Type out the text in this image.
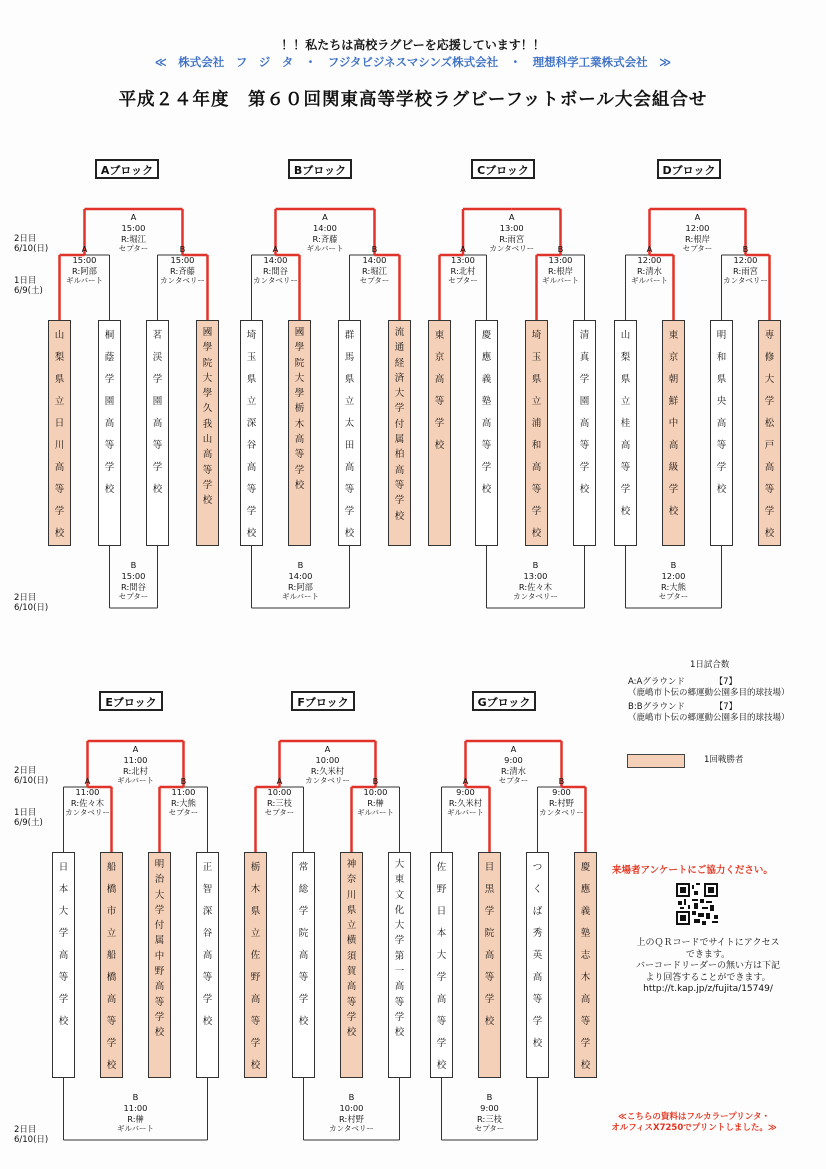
！！私たちは高校ラグビーを応援しています！！
≪　株式会社　フ　ジ　タ　・　フジタビジネスマシンズ株式会社　・　理想科学工業株式会社　≫
平成２４年度　第６０回関東高等学校ラグビーフットボール大会組合せ
Aブロック
山
梨
県
立
日
川
高
等
学
校
桐
蔭
学
園
高
等
学
校
茗
渓
学
園
高
等
学
校
國
學
院
大
學
久
我
山
高
等
学
校
A
15:00
R:阿部
ギルバート
B
15:00
R:斉藤
カンタベリー
A
15:00
R:堀江
セプター
B
15:00
R:間谷
セプター
Bブロック
埼
玉
県
立
深
谷
高
等
学
校
國
學
院
大
學
栃
木
高
等
学
校
群
馬
県
立
太
田
高
等
学
校
流
通
経
済
大
学
付
属
柏
高
等
学
校
A
14:00
R:間谷
カンタベリー
B
14:00
R:堀江
セプター
A
14:00
R:斉藤
ギルバート
B
14:00
R:阿部
ギルバート
Cブロック
東
京
高
等
学
校
慶
應
義
塾
高
等
学
校
埼
玉
県
立
浦
和
高
等
学
校
清
真
学
園
高
等
学
校
A
13:00
R:北村
セプター
B
13:00
R:根岸
ギルバート
A
13:00
R:雨宮
カンタベリー
B
13:00
R:佐々木
カンタベリー
Dブロック
山
梨
県
立
桂
高
等
学
校
東
京
朝
鮮
中
高
級
学
校
明
和
県
央
高
等
学
校
専
修
大
学
松
戸
高
等
学
校
A
12:00
R:清水
ギルバート
B
12:00
R:雨宮
カンタベリー
A
12:00
R:根岸
セプター
B
12:00
R:大熊
セプター
Eブロック
日
本
大
学
高
等
学
校
船
橋
市
立
船
橋
高
等
学
校
明
治
大
学
付
属
中
野
高
等
学
校
正
智
深
谷
高
等
学
校
A
11:00
R:佐々木
カンタベリー
B
11:00
R:大熊
セプター
A
11:00
R:北村
ギルバート
B
11:00
R:榊
ギルバート
Fブロック
栃
木
県
立
佐
野
高
等
学
校
常
総
学
院
高
等
学
校
神
奈
川
県
立
横
須
賀
高
等
学
校
大
東
文
化
大
学
第
一
高
等
学
校
A
10:00
R:三枝
セプター
B
10:00
R:榊
ギルバート
A
10:00
R:久米村
カンタベリー
B
10:00
R:村野
カンタベリー
Gブロック
佐
野
日
本
大
学
高
等
学
校
目
黒
学
院
高
等
学
校
つ
く
ば
秀
英
高
等
学
校
慶
應
義
塾
志
木
高
等
学
校
A
9:00
R:久米村
ギルバート
B
9:00
R:村野
カンタベリー
A
9:00
R:清水
セプター
B
9:00
R:三枝
セプター
2日目
6/10(日)
1日目
6/9(土)
2日目
6/10(日)
2日目
6/10(日)
1日目
6/9(土)
2日目
6/10(日)
1日試合数
A:Aグラウンド　　　　【7】
（鹿嶋市卜伝の郷運動公園多目的球技場）
B:Bグラウンド　　　　【7】
（鹿嶋市卜伝の郷運動公園多目的球技場）
1回戦勝者
来場者アンケートにご協力ください。
上のＱＲコードでサイトにアクセス
できます。
バーコードリーダーの無い方は下記
より回答することができます。
http://t.kap.jp/z/fujita/15749/
≪こちらの資料はフルカラープリンタ・
オルフィスX7250でプリントしました。≫
